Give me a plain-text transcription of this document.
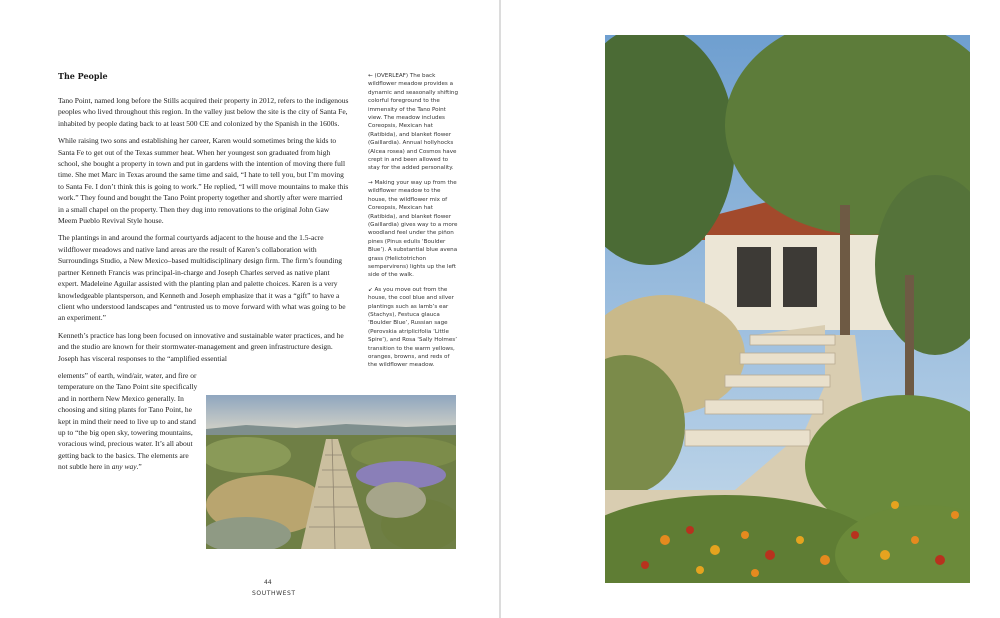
The People

Tano Point, named long before the Stills acquired their property in 2012, refers to the indigenous peoples who lived throughout this region. In the valley just below the site is the city of Santa Fe, inhabited by people dating back to at least 500 CE and colonized by the Spanish in the 1600s.

While raising two sons and establishing her career, Karen would sometimes bring the kids to Santa Fe to get out of the Texas summer heat. When her youngest son graduated from high school, she bought a property in town and put in gardens with the intention of moving there full time. She met Marc in Texas around the same time and said, “I hate to tell you, but I’m moving to Santa Fe. I don’t think this is going to work.” He replied, “I will move mountains to make this work.” They found and bought the Tano Point property together and shortly after were married in a small chapel on the property. Then they dug into renovations to the original John Gaw Meem Pueblo Revival Style house.

The plantings in and around the formal courtyards adjacent to the house and the 1.5-acre wildflower meadows and native land areas are the result of Karen’s collaboration with Surroundings Studio, a New Mexico–based multidisciplinary design firm. The firm’s founding partner Kenneth Francis was principal-in-charge and Joseph Charles served as native plant expert. Madeleine Aguilar assisted with the planting plan and palette choices. Karen is a very knowledgeable plantsperson, and Kenneth and Joseph emphasize that it was a “gift” to have a client who understood landscapes and “entrusted us to move forward with what was going to be an experiment.”

Kenneth’s practice has long been focused on innovative and sustainable water practices, and he and the studio are known for their stormwater-management and green infrastructure design. Joseph has visceral responses to the “amplified essential

elements” of earth, wind/air, water, and fire or temperature on the Tano Point site specifically and in northern New Mexico generally. In choosing and siting plants for Tano Point, he kept in mind their need to live up to and stand up to “the big open sky, towering mountains, voracious wind, precious water. It’s all about getting back to the basics. The elements are not subtle here in any way.”

← (OVERLEAF) The back wildflower meadow provides a dynamic and seasonally shifting colorful foreground to the immensity of the Tano Point view. The meadow includes Coreopsis, Mexican hat (Ratibida), and blanket flower (Gaillardia). Annual hollyhocks (Alcea rosea) and Cosmos have crept in and been allowed to stay for the added personality.

→ Making your way up from the wildflower meadow to the house, the wildflower mix of Coreopsis, Mexican hat (Ratibida), and blanket flower (Gaillardia) gives way to a more woodland feel under the piñon pines (Pinus edulis ‘Boulder Blue’). A substantial blue avena grass (Helictotrichon sempervirens) lights up the left side of the walk.

↙ As you move out from the house, the cool blue and silver plantings such as lamb’s ear (Stachys), Festuca glauca ‘Boulder Blue’, Russian sage (Perovskia atriplicifolia ‘Little Spire’), and Rosa ‘Sally Holmes’ transition to the warm yellows, oranges, browns, and reds of the wildflower meadow.

44
SOUTHWEST
